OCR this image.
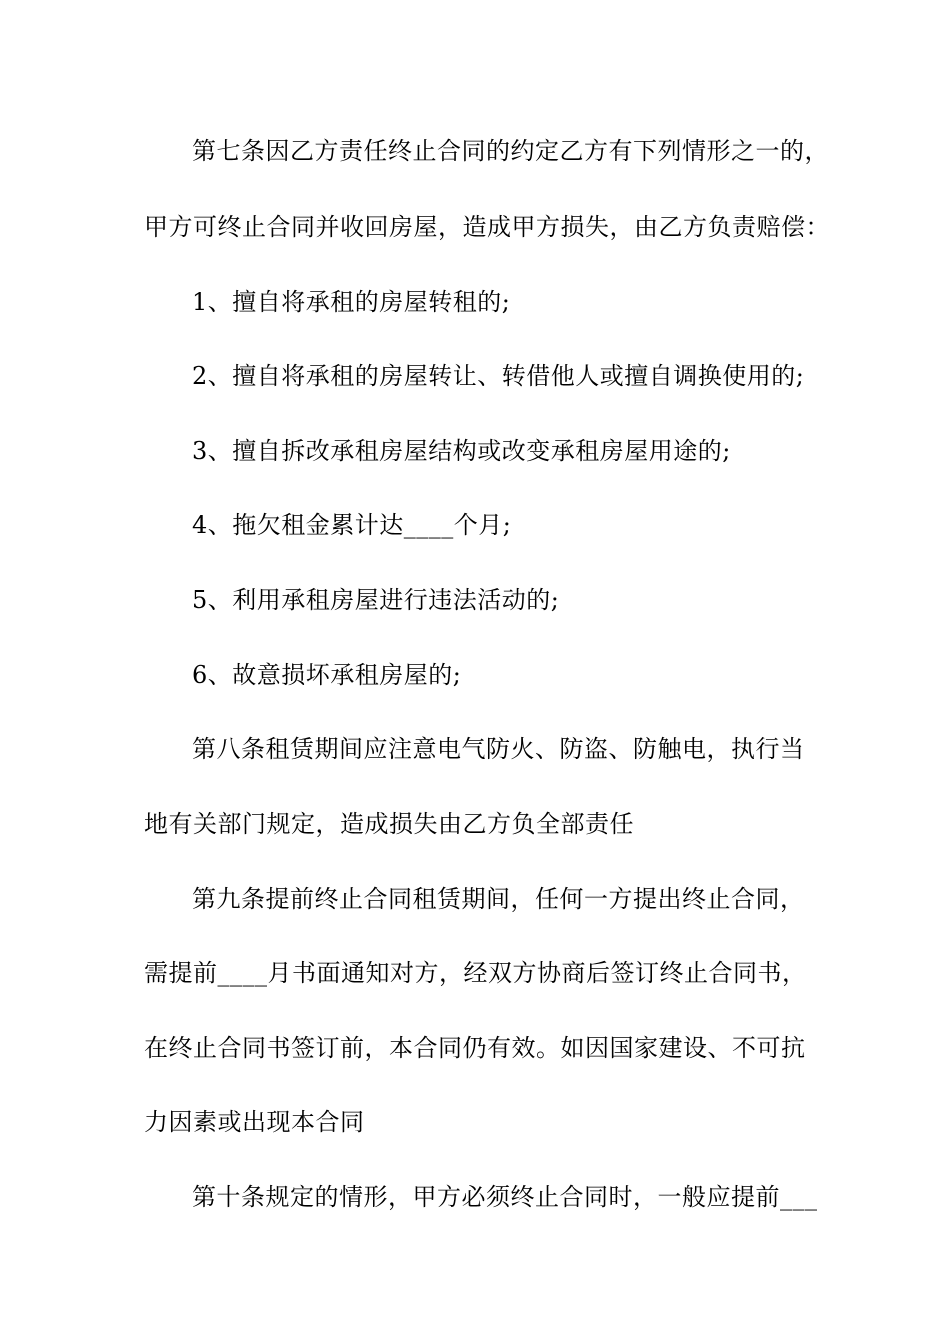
第七条因乙方责任终止合同的约定乙方有下列情形之一的，
甲方可终止合同并收回房屋，造成甲方损失，由乙方负责赔偿：
1、擅自将承租的房屋转租的;
2、擅自将承租的房屋转让、转借他人或擅自调换使用的;
3、擅自拆改承租房屋结构或改变承租房屋用途的;
4、拖欠租金累计达____个月;
5、利用承租房屋进行违法活动的;
6、故意损坏承租房屋的;
第八条租赁期间应注意电气防火、防盗、防触电，执行当
地有关部门规定，造成损失由乙方负全部责任
第九条提前终止合同租赁期间，任何一方提出终止合同，
需提前____月书面通知对方，经双方协商后签订终止合同书，
在终止合同书签订前，本合同仍有效。如因国家建设、不可抗
力因素或出现本合同
第十条规定的情形，甲方必须终止合同时，一般应提前___
